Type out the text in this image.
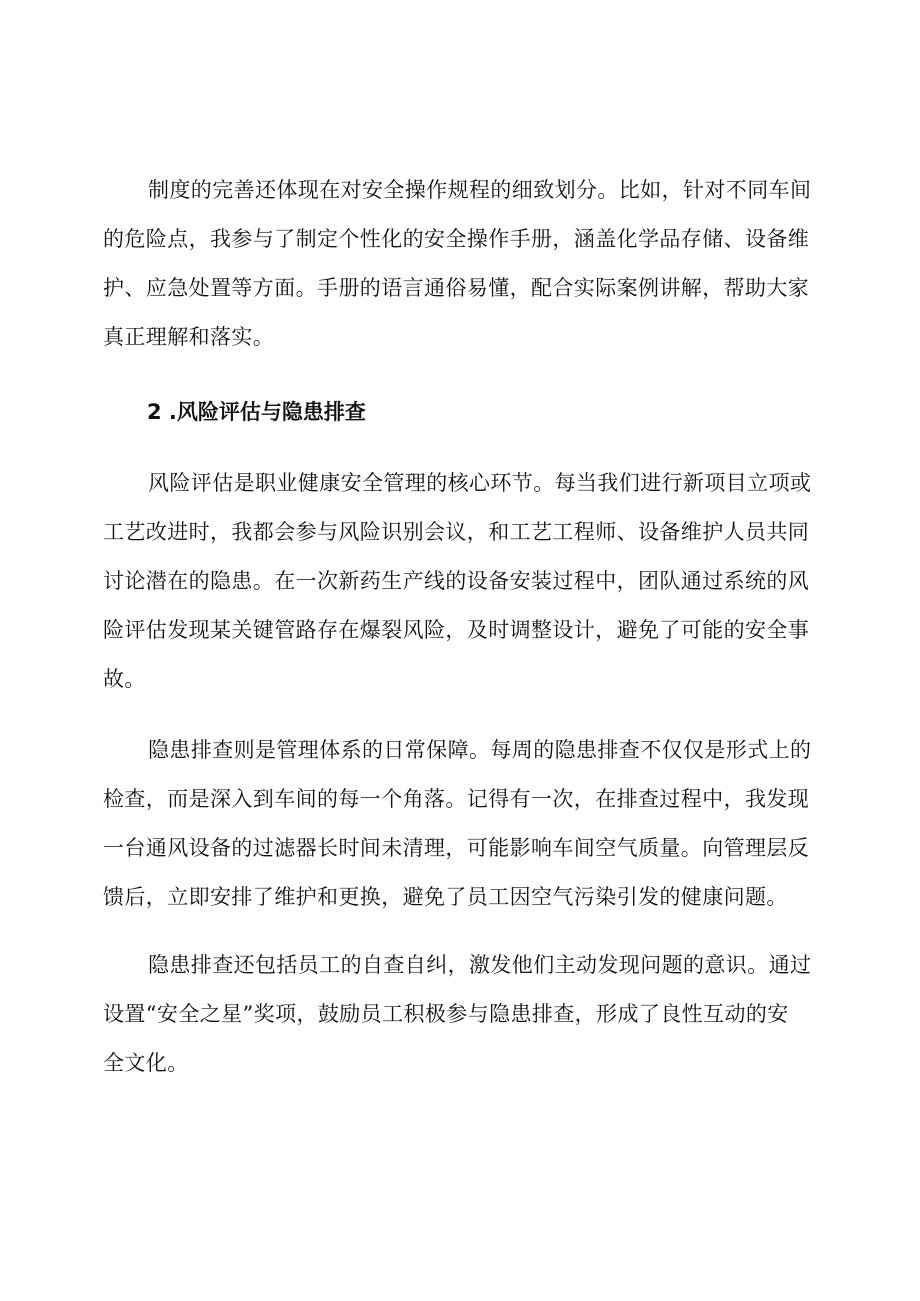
制度的完善还体现在对安全操作规程的细致划分。比如，针对不同车间
的危险点，我参与了制定个性化的安全操作手册，涵盖化学品存储、设备维
护、应急处置等方面。手册的语言通俗易懂，配合实际案例讲解，帮助大家
真正理解和落实。
2 .风险评估与隐患排查
风险评估是职业健康安全管理的核心环节。每当我们进行新项目立项或
工艺改进时，我都会参与风险识别会议，和工艺工程师、设备维护人员共同
讨论潜在的隐患。在一次新药生产线的设备安装过程中，团队通过系统的风
险评估发现某关键管路存在爆裂风险，及时调整设计，避免了可能的安全事
故。
隐患排查则是管理体系的日常保障。每周的隐患排查不仅仅是形式上的
检查，而是深入到车间的每一个角落。记得有一次，在排查过程中，我发现
一台通风设备的过滤器长时间未清理，可能影响车间空气质量。向管理层反
馈后，立即安排了维护和更换，避免了员工因空气污染引发的健康问题。
隐患排查还包括员工的自查自纠，激发他们主动发现问题的意识。通过
设置“安全之星”奖项，鼓励员工积极参与隐患排查，形成了良性互动的安
全文化。
